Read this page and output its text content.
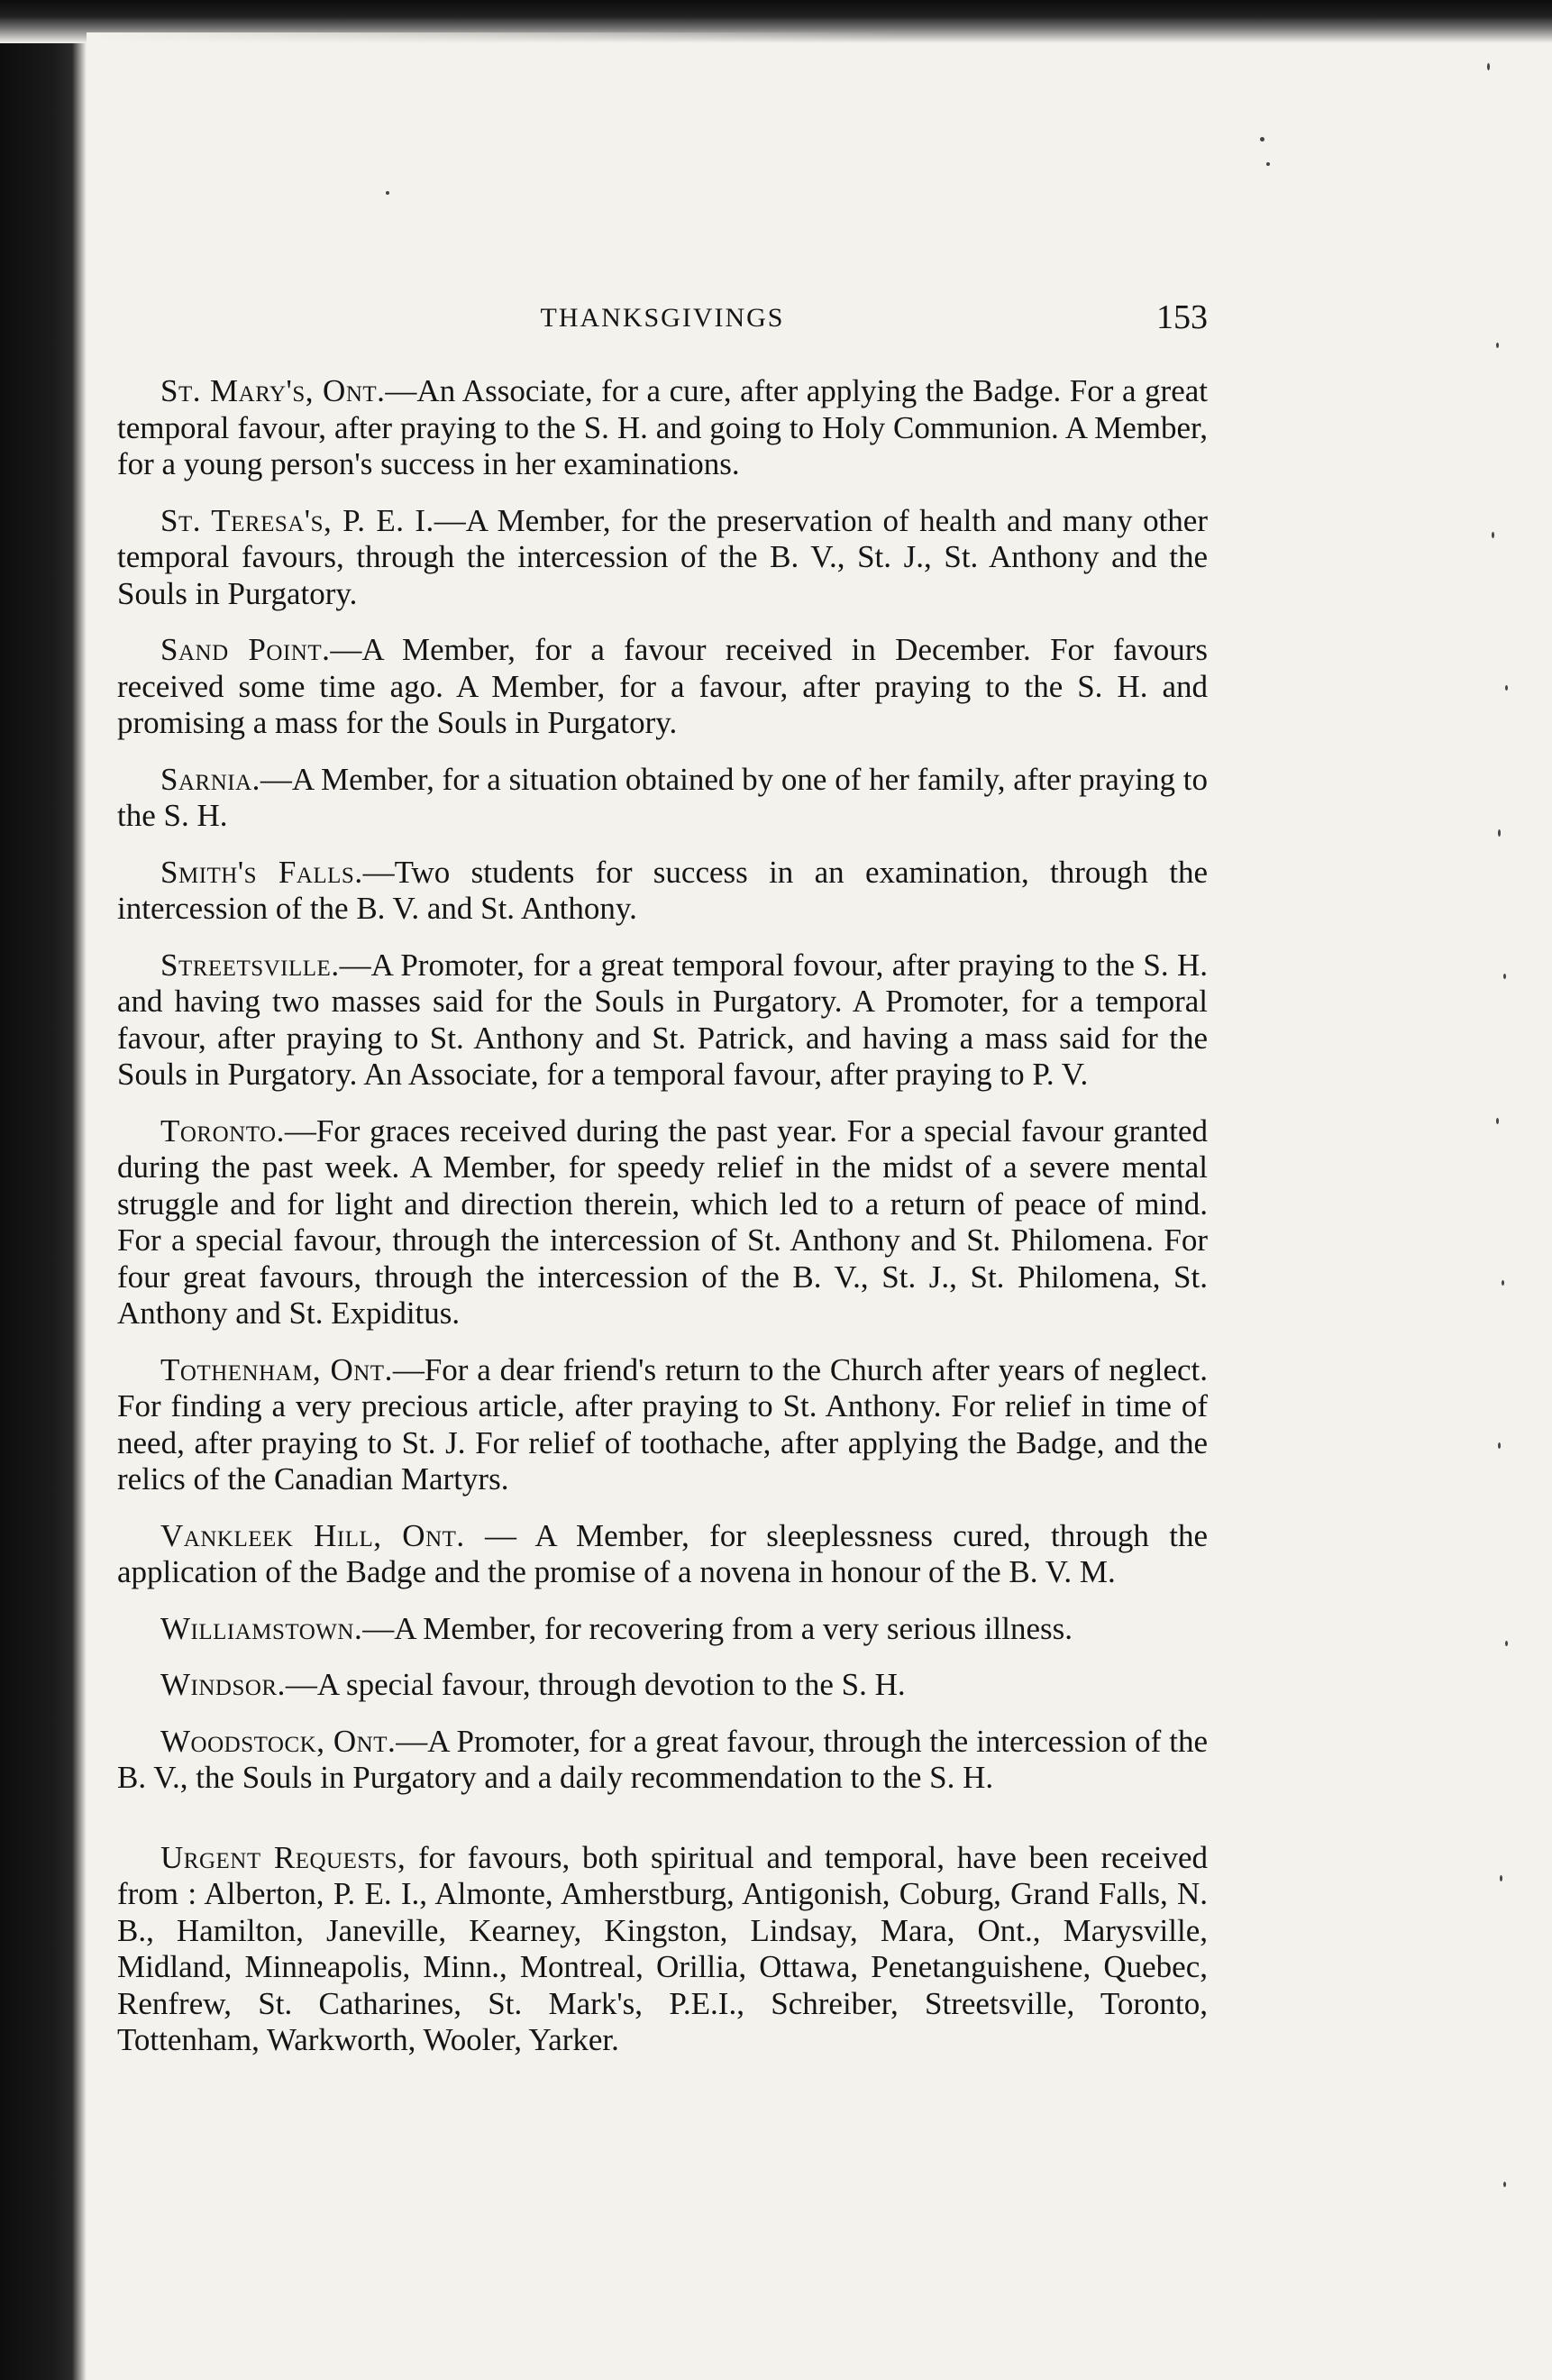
THANKSGIVINGS	153

St. Mary's, Ont.—An Associate, for a cure, after applying the Badge. For a great temporal favour, after praying to the S. H. and going to Holy Communion. A Member, for a young person's success in her examinations.

St. Teresa's, P. E. I.—A Member, for the preservation of health and many other temporal favours, through the intercession of the B. V., St. J., St. Anthony and the Souls in Purgatory.

Sand Point.—A Member, for a favour received in December. For favours received some time ago. A Member, for a favour, after praying to the S. H. and promising a mass for the Souls in Purgatory.

Sarnia.—A Member, for a situation obtained by one of her family, after praying to the S. H.

Smith's Falls.—Two students for success in an examination, through the intercession of the B. V. and St. Anthony.

Streetsville.—A Promoter, for a great temporal fovour, after praying to the S. H. and having two masses said for the Souls in Purgatory. A Promoter, for a temporal favour, after praying to St. Anthony and St. Patrick, and having a mass said for the Souls in Purgatory. An Associate, for a temporal favour, after praying to P. V.

Toronto.—For graces received during the past year. For a special favour granted during the past week. A Member, for speedy relief in the midst of a severe mental struggle and for light and direction therein, which led to a return of peace of mind. For a special favour, through the intercession of St. Anthony and St. Philomena. For four great favours, through the intercession of the B. V., St. J., St. Philomena, St. Anthony and St. Expiditus.

Tothenham, Ont.—For a dear friend's return to the Church after years of neglect. For finding a very precious article, after praying to St. Anthony. For relief in time of need, after praying to St. J. For relief of toothache, after applying the Badge, and the relics of the Canadian Martyrs.

Vankleek Hill, Ont. — A Member, for sleeplessness cured, through the application of the Badge and the promise of a novena in honour of the B. V. M.

Williamstown.—A Member, for recovering from a very serious illness.

Windsor.—A special favour, through devotion to the S. H.

Woodstock, Ont.—A Promoter, for a great favour, through the intercession of the B. V., the Souls in Purgatory and a daily recommendation to the S. H.

Urgent Requests, for favours, both spiritual and temporal, have been received from : Alberton, P. E. I., Almonte, Amherstburg, Antigonish, Coburg, Grand Falls, N. B., Hamilton, Janeville, Kearney, Kingston, Lindsay, Mara, Ont., Marysville, Midland, Minneapolis, Minn., Montreal, Orillia, Ottawa, Penetanguishene, Quebec, Renfrew, St. Catharines, St. Mark's, P.E.I., Schreiber, Streetsville, Toronto, Tottenham, Warkworth, Wooler, Yarker.
